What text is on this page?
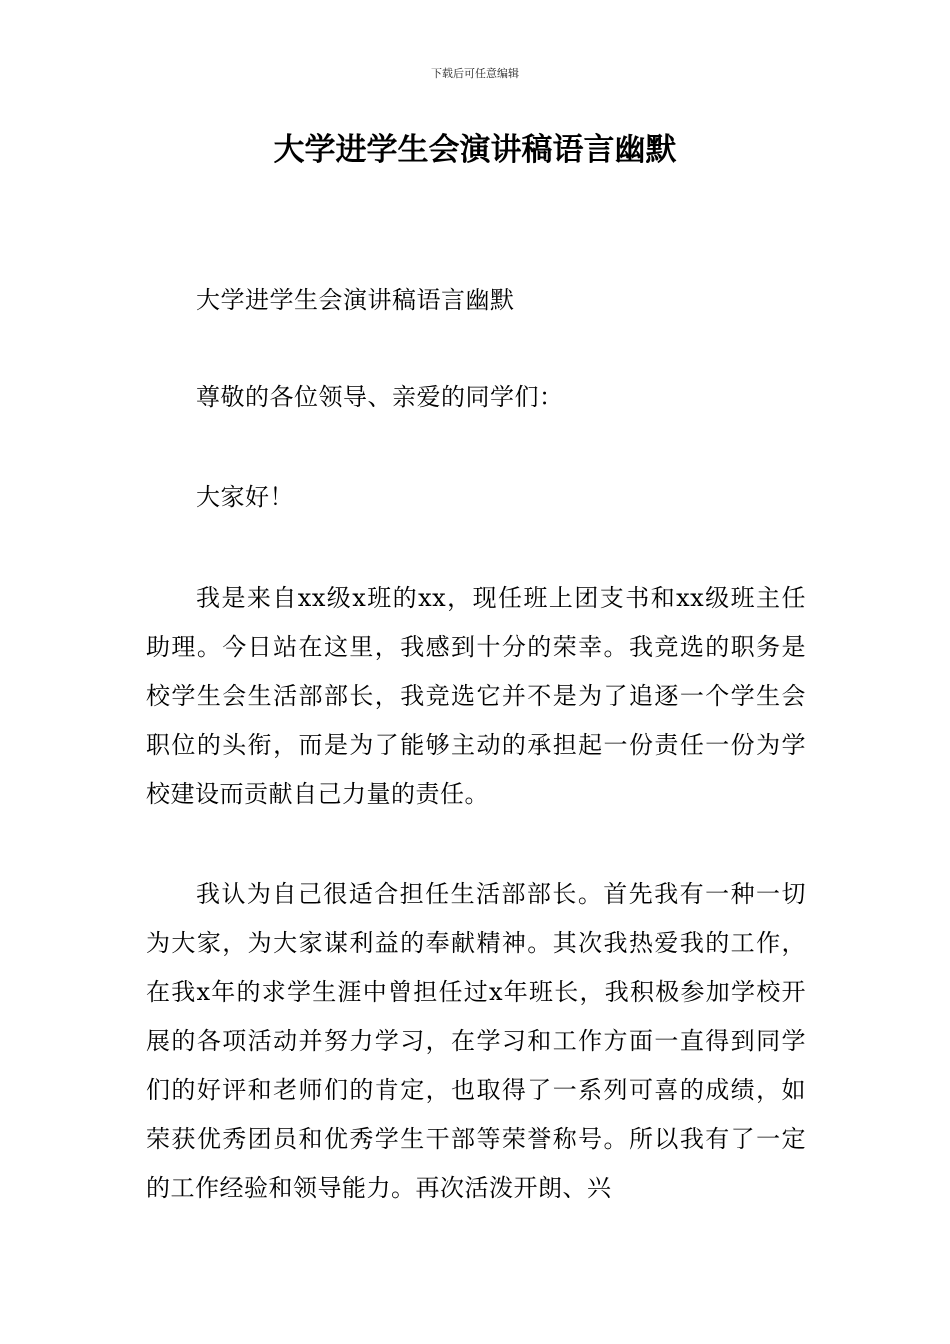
下载后可任意编辑
大学进学生会演讲稿语言幽默

大学进学生会演讲稿语言幽默

尊敬的各位领导、亲爱的同学们：

大家好！

我是来自xx级x班的xx，现任班上团支书和xx级班主任助理。今日站在这里，我感到十分的荣幸。我竞选的职务是校学生会生活部部长，我竞选它并不是为了追逐一个学生会职位的头衔，而是为了能够主动的承担起一份责任一份为学校建设而贡献自己力量的责任。

我认为自己很适合担任生活部部长。首先我有一种一切为大家，为大家谋利益的奉献精神。其次我热爱我的工作，在我x年的求学生涯中曾担任过x年班长，我积极参加学校开展的各项活动并努力学习，在学习和工作方面一直得到同学们的好评和老师们的肯定，也取得了一系列可喜的成绩，如荣获优秀团员和优秀学生干部等荣誉称号。所以我有了一定的工作经验和领导能力。再次活泼开朗、兴
